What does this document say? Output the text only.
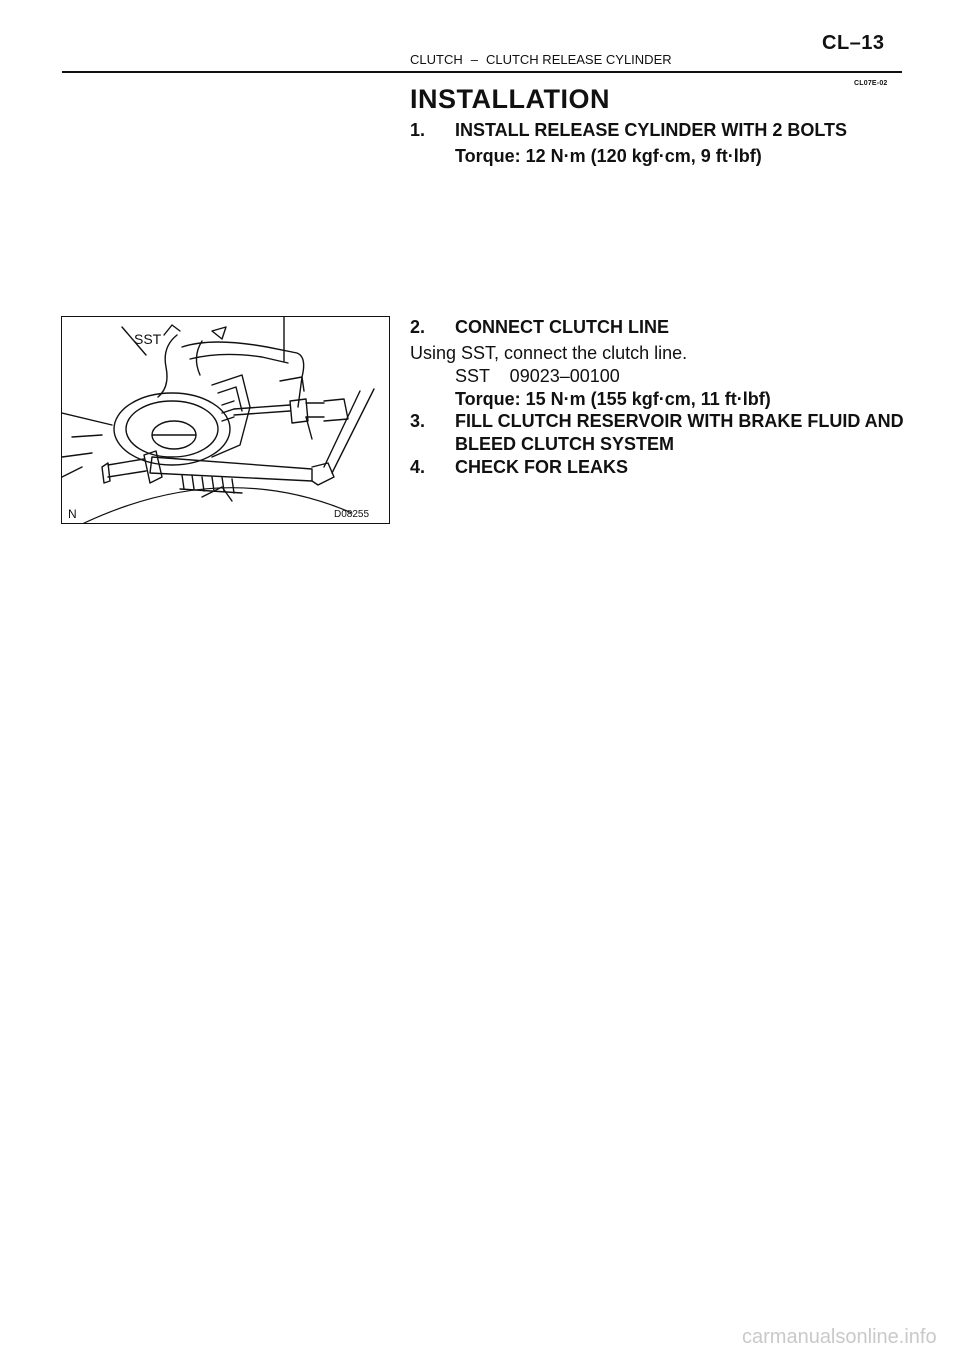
CL–13
CLUTCH – CLUTCH RELEASE CYLINDER
CL07E-02
INSTALLATION
1. INSTALL RELEASE CYLINDER WITH 2 BOLTS
Torque: 12 N·m (120 kgf·cm, 9 ft·lbf)
2. CONNECT CLUTCH LINE
Using SST, connect the clutch line.
SST    09023–00100
Torque: 15 N·m (155 kgf·cm, 11 ft·lbf)
3. FILL CLUTCH RESERVOIR WITH BRAKE FLUID AND
BLEED CLUTCH SYSTEM
4. CHECK FOR LEAKS
SST
N	D08255
carmanualsonline.info
